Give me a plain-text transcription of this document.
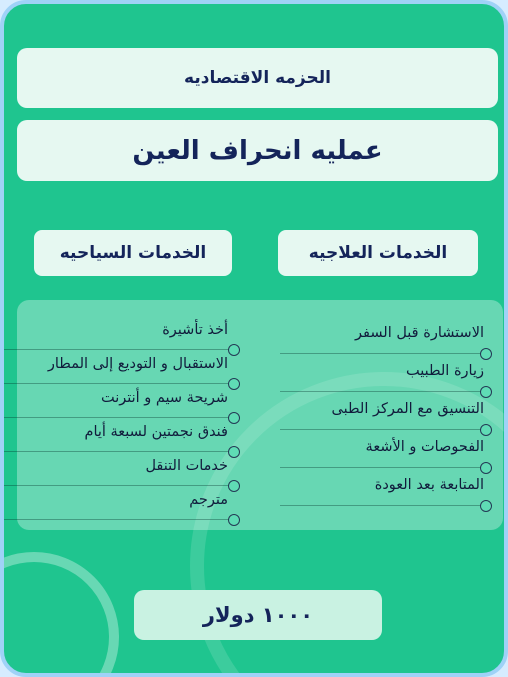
الحزمه الاقتصاديه
عمليه انحراف العين
الخدمات العلاجيه
الخدمات السياحيه
الاستشارة قبل السفر
زيارة الطبيب
التنسيق مع المركز الطبى
الفحوصات و الأشعة
المتابعة بعد العودة
أخذ تأشيرة
الاستقبال و التوديع إلى المطار
شريحة سيم و أنترنت
فندق نجمتين لسبعة أيام
خدمات التنقل
مترجم
١٠٠٠ دولار
